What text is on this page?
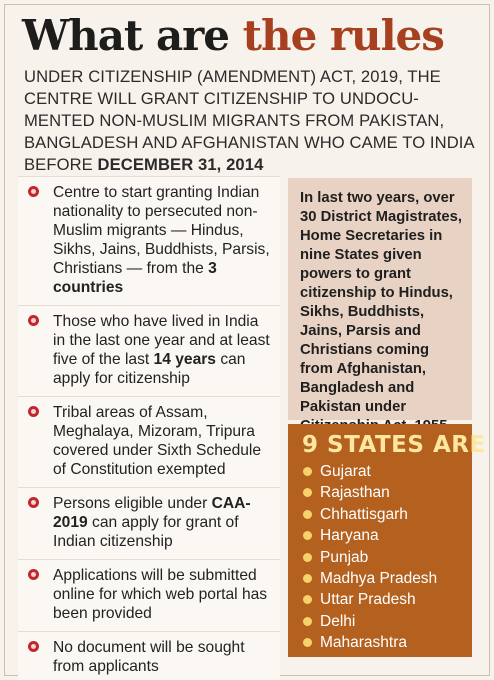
What are the rules

UNDER CITIZENSHIP (AMENDMENT) ACT, 2019, THE CENTRE WILL GRANT CITIZENSHIP TO UNDOCU-MENTED NON-MUSLIM MIGRANTS FROM PAKISTAN, BANGLADESH AND AFGHANISTAN WHO CAME TO INDIA BEFORE DECEMBER 31, 2014

Centre to start granting Indian nationality to persecuted non-Muslim migrants — Hindus, Sikhs, Jains, Buddhists, Parsis, Christians — from the 3 countries
Those who have lived in India in the last one year and at least five of the last 14 years can apply for citizenship
Tribal areas of Assam, Meghalaya, Mizoram, Tripura covered under Sixth Schedule of Constitution exempted
Persons eligible under CAA-2019 can apply for grant of Indian citizenship
Applications will be submitted online for which web portal has been provided
No document will be sought from applicants
In last two years, over 30 District Magistrates, Home Secretaries in nine States given powers to grant citizenship to Hindus, Sikhs, Buddhists, Jains, Parsis and Christians coming from Afghanistan, Bangladesh and Pakistan under
9 STATES ARE
Gujarat
Rajasthan
Chhattisgarh
Haryana
Punjab
Madhya Pradesh
Uttar Pradesh
Delhi
Maharashtra
